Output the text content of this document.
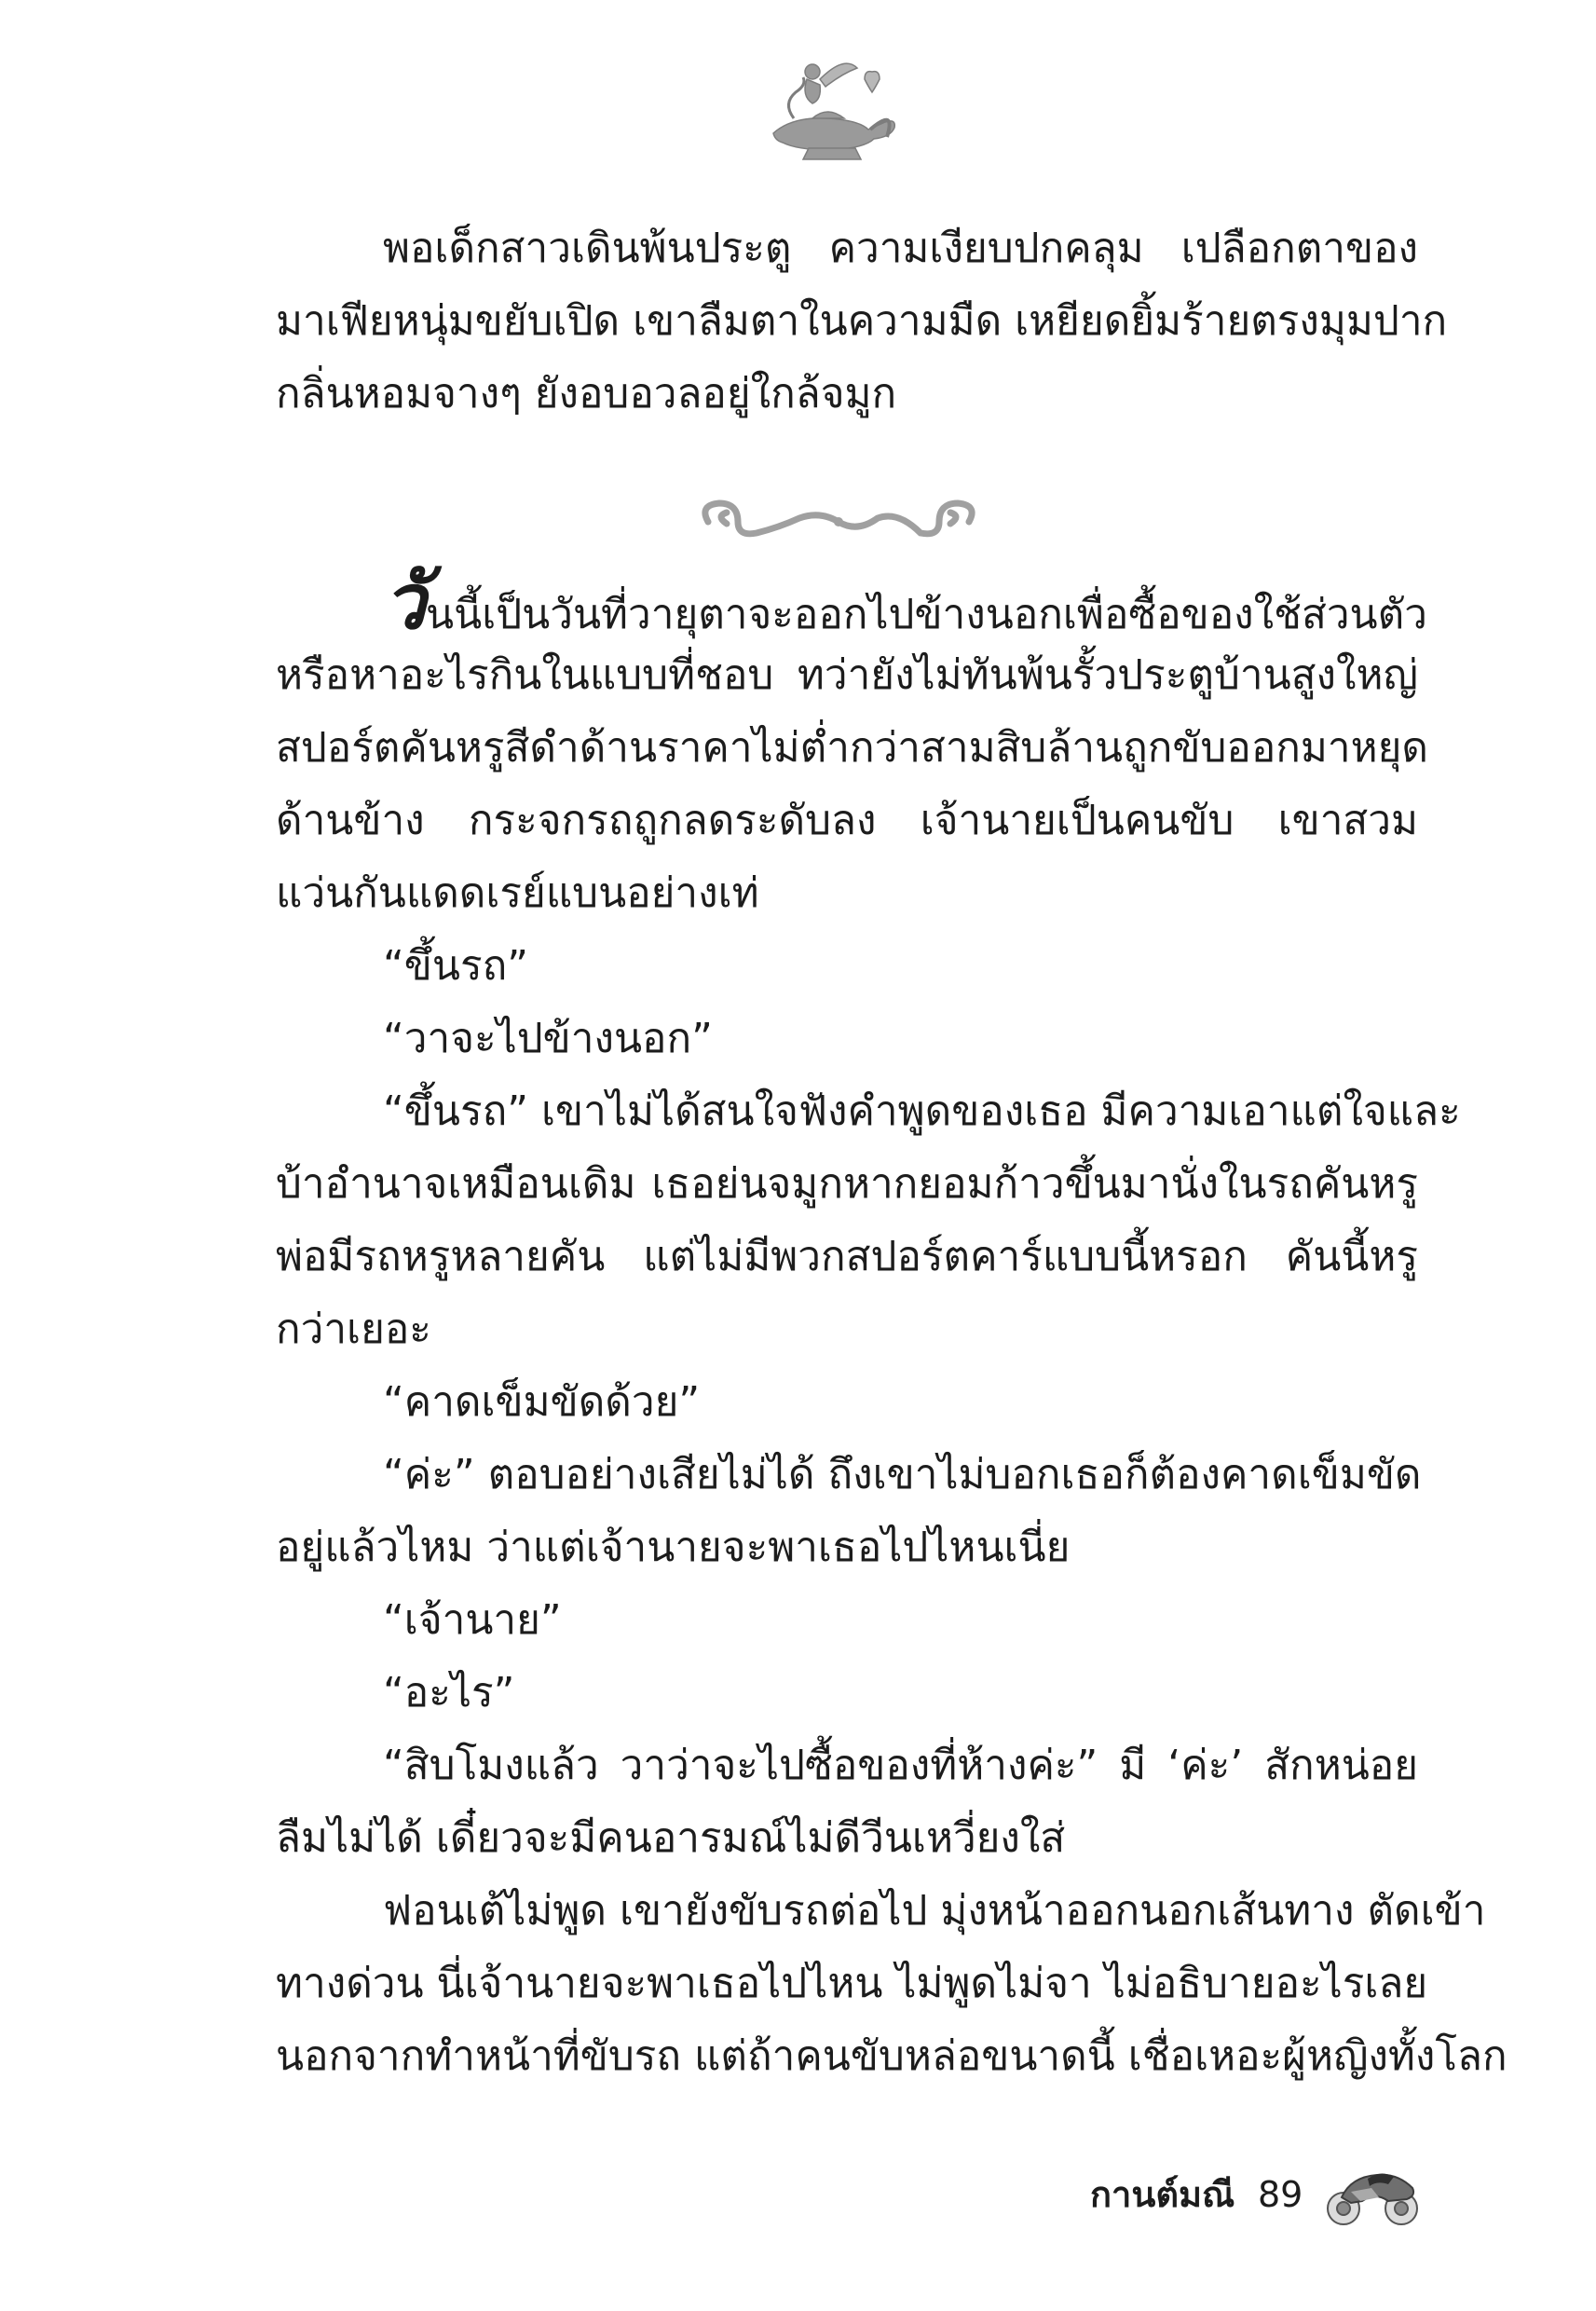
พอเด็กสาวเดินพ้นประตู ความเงียบปกคลุม เปลือกตาของ
มาเฟียหนุ่มขยับเปิด เขาลืมตาในความมืด เหยียดยิ้มร้ายตรงมุมปาก
กลิ่นหอมจางๆ ยังอบอวลอยู่ใกล้จมูก
วันนี้เป็นวันที่วายุตาจะออกไปข้างนอกเพื่อซื้อของใช้ส่วนตัว
หรือหาอะไรกินในแบบที่ชอบ ทว่ายังไม่ทันพ้นรั้วประตูบ้านสูงใหญ่
สปอร์ตคันหรูสีดำด้านราคาไม่ต่ำกว่าสามสิบล้านถูกขับออกมาหยุด
ด้านข้าง กระจกรถถูกลดระดับลง เจ้านายเป็นคนขับ เขาสวม
แว่นกันแดดเรย์แบนอย่างเท่
“ขึ้นรถ”
“วาจะไปข้างนอก”
“ขึ้นรถ” เขาไม่ได้สนใจฟังคำพูดของเธอ มีความเอาแต่ใจและ
บ้าอำนาจเหมือนเดิม เธอย่นจมูกหากยอมก้าวขึ้นมานั่งในรถคันหรู
พ่อมีรถหรูหลายคัน แต่ไม่มีพวกสปอร์ตคาร์แบบนี้หรอก คันนี้หรู
กว่าเยอะ
“คาดเข็มขัดด้วย”
“ค่ะ” ตอบอย่างเสียไม่ได้ ถึงเขาไม่บอกเธอก็ต้องคาดเข็มขัด
อยู่แล้วไหม ว่าแต่เจ้านายจะพาเธอไปไหนเนี่ย
“เจ้านาย”
“อะไร”
“สิบโมงแล้ว วาว่าจะไปซื้อของที่ห้างค่ะ” มี ‘ค่ะ’ สักหน่อย
ลืมไม่ได้ เดี๋ยวจะมีคนอารมณ์ไม่ดีวีนเหวี่ยงใส่
ฟอนเต้ไม่พูด เขายังขับรถต่อไป มุ่งหน้าออกนอกเส้นทาง ตัดเข้า
ทางด่วน นี่เจ้านายจะพาเธอไปไหน ไม่พูดไม่จา ไม่อธิบายอะไรเลย
นอกจากทำหน้าที่ขับรถ แต่ถ้าคนขับหล่อขนาดนี้ เชื่อเหอะผู้หญิงทั้งโลก
กานต์มณี 89
